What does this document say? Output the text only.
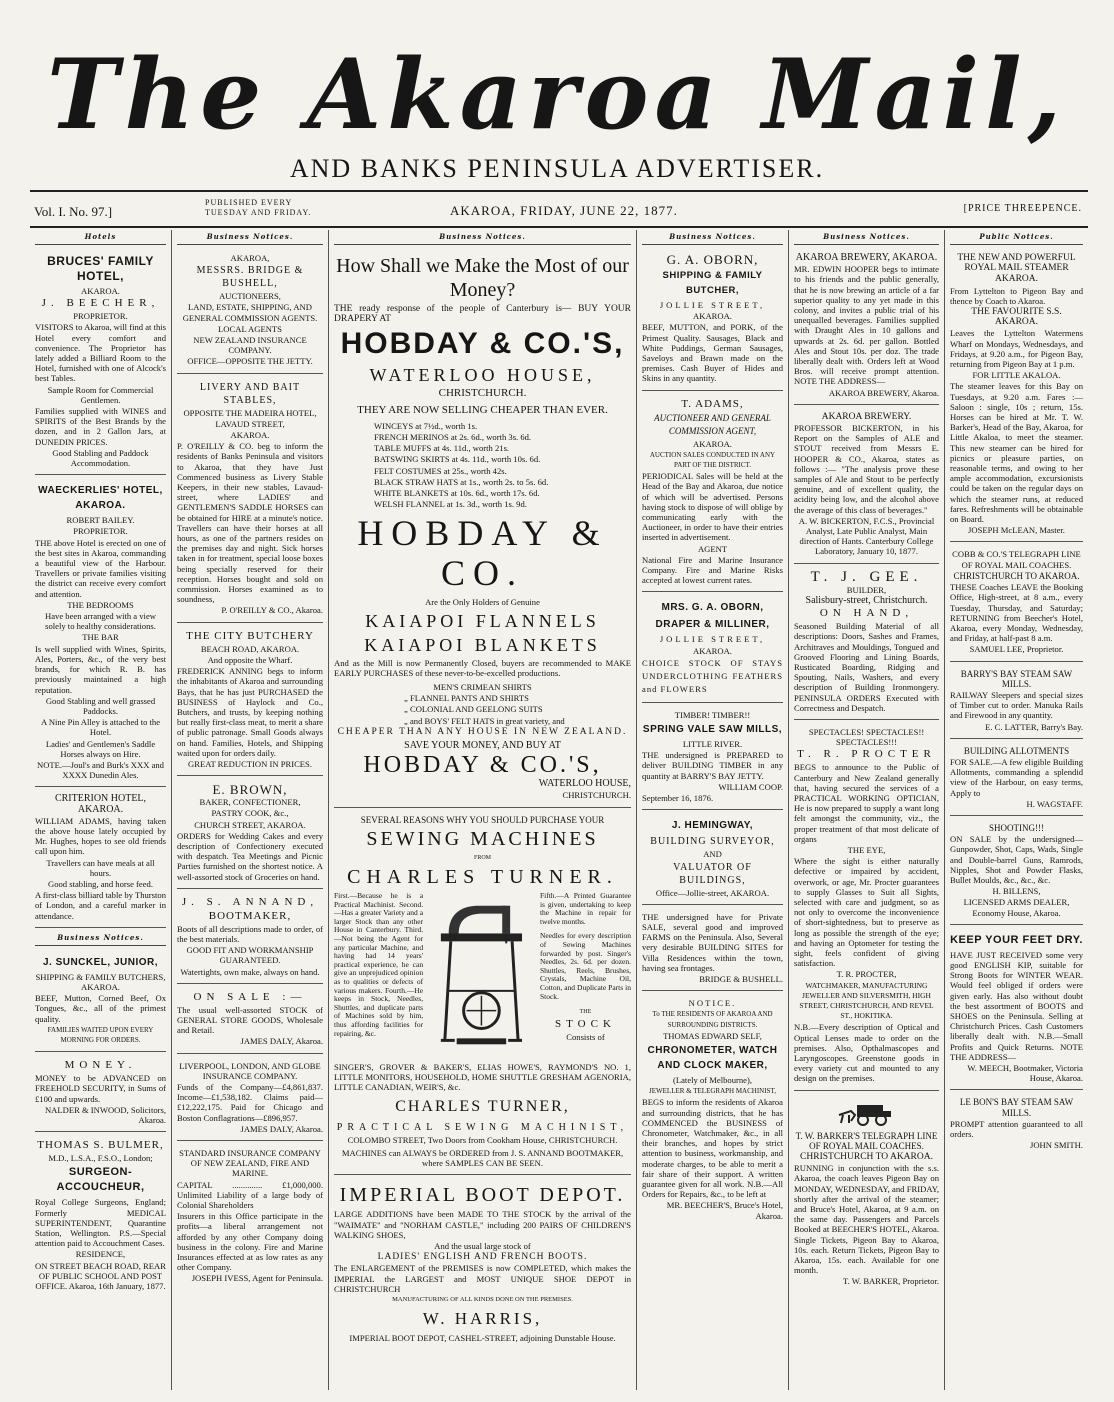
The Akaroa Mail,
AND BANKS PENINSULA ADVERTISER.
Vol. I. No. 97.]
PUBLISHED EVERY TUESDAY AND FRIDAY.	AKAROA, FRIDAY, JUNE 22, 1877.	[PRICE THREEPENCE.
Hotels
BRUCES' FAMILY HOTEL,
AKAROA.
J. BEECHER,
PROPRIETOR.
VISITORS to Akaroa, will find at this Hotel every comfort and convenience. The Proprietor has lately added a Billiard Room to the Hotel, furnished with one of Alcock's best Tables.
Sample Room for Commercial Gentlemen.
Families supplied with WINES and SPIRITS of the Best Brands by the dozen, and in 2 Gallon Jars, at DUNEDIN PRICES.
Good Stabling and Paddock Accommodation.
WAECKERLIES' HOTEL, AKAROA.
ROBERT BAILEY.
PROPRIETOR.
THE above Hotel is erected on one of the best sites in Akaroa, commanding a beautiful view of the Harbour. Travellers or private families visiting the district can receive every comfort and attention.
THE BEDROOMS
Have been arranged with a view solely to healthy considerations.
THE BAR
Is well supplied with Wines, Spirits, Ales, Porters, &c., of the very best brands, for which R. B. has previously maintained a high reputation.
Good Stabling and well grassed Paddocks.
A Nine Pin Alley is attached to the Hotel.
Ladies' and Gentlemen's Saddle Horses always on Hire.
NOTE.—Joul's and Burk's XXX and XXXX Dunedin Ales.
CRITERION HOTEL, AKAROA.
WILLIAM ADAMS, having taken the above house lately occupied by Mr. Hughes, hopes to see old friends call upon him.
Travellers can have meals at all hours.
Good stabling, and horse feed.
A first-class billiard table by Thurston of London, and a careful marker in attendance.
Business Notices.
J. SUNCKEL, JUNIOR,
SHIPPING & FAMILY BUTCHERS, AKAROA.
BEEF, Mutton, Corned Beef, Ox Tongues, &c., all of the primest quality.
FAMILIES WAITED UPON EVERY MORNING FOR ORDERS.
MONEY.
MONEY to be ADVANCED on FREEHOLD SECURITY, in Sums of £100 and upwards.
NALDER & INWOOD, Solicitors, Akaroa.
THOMAS S. BULMER,
M.D., L.S.A., F.S.O., London;
SURGEON-ACCOUCHEUR,
Royal College Surgeons, England; Formerly MEDICAL SUPERINTENDENT, Quarantine Station, Wellington. P.S.—Special attention paid to Accouchment Cases.
RESIDENCE,
ON STREET BEACH ROAD, REAR OF PUBLIC SCHOOL AND POST OFFICE. Akaroa, 16th January, 1877.
Business Notices.
AKAROA,
MESSRS. BRIDGE & BUSHELL,
AUCTIONEERS,
LAND, ESTATE, SHIPPING, AND GENERAL COMMISSION AGENTS.
LOCAL AGENTS
NEW ZEALAND INSURANCE COMPANY.
OFFICE—OPPOSITE THE JETTY.
LIVERY AND BAIT STABLES,
OPPOSITE THE MADEIRA HOTEL,
LAVAUD STREET,
AKAROA.
P. O'REILLY & CO. beg to inform the residents of Banks Peninsula and visitors to Akaroa, that they have Just Commenced business as Livery Stable Keepers, in their new stables, Lavaud-street, where LADIES' and GENTLEMEN'S SADDLE HORSES can be obtained for HIRE at a minute's notice. Travellers can have their horses at all hours, as one of the partners resides on the premises day and night. Sick horses taken in for treatment, special loose boxes being specially reserved for their reception. Horses bought and sold on commission. Horses examined as to soundness,
P. O'REILLY & CO., Akaroa.
THE CITY BUTCHERY
BEACH ROAD, AKAROA.
And opposite the Wharf.
FREDERICK ANNING begs to inform the inhabitants of Akaroa and surrounding Bays, that he has just PURCHASED the BUSINESS of Haylock and Co., Butchers, and trusts, by keeping nothing but really first-class meat, to merit a share of public patronage. Small Goods always on hand. Families, Hotels, and Shipping waited upon for orders daily.
GREAT REDUCTION IN PRICES.
E. BROWN,
BAKER, CONFECTIONER,
PASTRY COOK, &c.,
CHURCH STREET, AKAROA.
ORDERS for Wedding Cakes and every description of Confectionery executed with despatch. Tea Meetings and Picnic Parties furnished on the shortest notice. A well-assorted stock of Groceries on hand.
J. S. ANNAND,
BOOTMAKER,
Boots of all descriptions made to order, of the best materials.
GOOD FIT AND WORKMANSHIP GUARANTEED.
Watertights, own make, always on hand.
ON SALE :—
The usual well-assorted STOCK of GENERAL STORE GOODS, Wholesale and Retail.
JAMES DALY, Akaroa.
LIVERPOOL, LONDON, AND GLOBE INSURANCE COMPANY.
Funds of the Company—£4,861,837. Income—£1,538,182. Claims paid—£12,222,175. Paid for Chicago and Boston Conflagrations—£896,957.
JAMES DALY, Akaroa.
STANDARD INSURANCE COMPANY OF NEW ZEALAND, FIRE AND MARINE.
CAPITAL .............. £1,000,000. Unlimited Liability of a large body of Colonial Shareholders
Insurers in this Office participate in the profits—a liberal arrangement not afforded by any other Company doing business in the colony. Fire and Marine Insurances effected at as low rates as any other Company.
JOSEPH IVESS, Agent for Peninsula.
Business Notices.
How Shall we Make the Most of our Money?
THE ready response of the people of Canterbury is— BUY YOUR DRAPERY AT
HOBDAY & CO.'S,
WATERLOO HOUSE,
CHRISTCHURCH.
THEY ARE NOW SELLING CHEAPER THAN EVER.
WINCEYS at 7½d., worth 1s.
FRENCH MERINOS at 2s. 6d., worth 3s. 6d.
TABLE MUFFS at 4s. 11d., worth 21s.
BATSWING SKIRTS at 4s. 11d., worth 10s. 6d.
FELT COSTUMES at 25s., worth 42s.
BLACK STRAW HATS at 1s., worth 2s. to 5s. 6d.
WHITE BLANKETS at 10s. 6d., worth 17s. 6d.
WELSH FLANNEL at 1s. 3d., worth 1s. 9d.
HOBDAY & CO.
Are the Only Holders of Genuine
KAIAPOI FLANNELS
KAIAPOI BLANKETS
And as the Mill is now Permanently Closed, buyers are recommended to MAKE EARLY PURCHASES of these never-to-be-excelled productions.
MEN'S CRIMEAN SHIRTS
„ FLANNEL PANTS AND SHIRTS
„ COLONIAL AND GEELONG SUITS
„ and BOYS' FELT HATS in great variety, and
CHEAPER THAN ANY HOUSE IN NEW ZEALAND.
SAVE YOUR MONEY, AND BUY AT
HOBDAY & CO.'S,
WATERLOO HOUSE,
CHRISTCHURCH.
SEVERAL REASONS WHY YOU SHOULD PURCHASE YOUR
SEWING MACHINES
FROM
CHARLES TURNER.
First.—Because he is a Practical Machinist. Second.—Has a greater Variety and a larger Stock than any other House in Canterbury. Third.—Not being the Agent for any particular Machine, and having had 14 years' practical experience, he can give an unprejudiced opinion as to qualities or defects of various makers. Fourth.—He keeps in Stock, Needles, Shuttles, and duplicate parts of Machines sold by him, thus affording facilities for repairing, &c.
Fifth.—A Printed Guarantee is given, undertaking to keep the Machine in repair for twelve months.
Needles for every description of Sewing Machines forwarded by post. Singer's Needles, 2s. 6d. per dozen. Shuttles, Reels, Brushes, Crystals, Machine Oil, Cotton, and Duplicate Parts in Stock.
THE
STOCK
Consists of
SINGER'S, GROVER & BAKER'S, ELIAS HOWE'S, RAYMOND'S NO. 1, LITTLE MONITORS, HOUSEHOLD, HOME SHUTTLE GRESHAM AGENORIA, LITTLE CANADIAN, WEIR'S, &c.
CHARLES TURNER,
PRACTICAL SEWING MACHINIST,
COLOMBO STREET, Two Doors from Cookham House, CHRISTCHURCH.
MACHINES can ALWAYS be ORDERED from J. S. ANNAND BOOTMAKER, where SAMPLES CAN BE SEEN.
IMPERIAL BOOT DEPOT.
LARGE ADDITIONS have been MADE TO THE STOCK by the arrival of the "WAIMATE" and "NORHAM CASTLE," including 200 PAIRS OF CHILDREN'S WALKING SHOES,
And the usual large stock of
LADIES' ENGLISH AND FRENCH BOOTS.
The ENLARGEMENT of the PREMISES is now COMPLETED, which makes the IMPERIAL the LARGEST and MOST UNIQUE SHOE DEPOT in CHRISTCHURCH
MANUFACTURING OF ALL KINDS DONE ON THE PREMISES.
W. HARRIS,
IMPERIAL BOOT DEPOT, CASHEL-STREET, adjoining Dunstable House.
Business Notices.
G. A. OBORN,
SHIPPING & FAMILY BUTCHER,
JOLLIE STREET,
AKAROA.
BEEF, MUTTON, and PORK, of the Primest Quality. Sausages, Black and White Puddings, German Sausages, Saveloys and Brawn made on the premises. Cash Buyer of Hides and Skins in any quantity.
T. ADAMS,
AUCTIONEER AND GENERAL COMMISSION AGENT,
AKAROA.
AUCTION SALES CONDUCTED IN ANY PART OF THE DISTRICT.
PERIODICAL Sales will be held at the Head of the Bay and Akaroa, due notice of which will be advertised. Persons having stock to dispose of will oblige by communicating early with the Auctioneer, in order to have their entries inserted in advertisement.
AGENT
National Fire and Marine Insurance Company. Fire and Marine Risks accepted at lowest current rates.
MRS. G. A. OBORN,
DRAPER & MILLINER,
JOLLIE STREET,
AKAROA.
CHOICE STOCK OF STAYS UNDERCLOTHING FEATHERS and FLOWERS
TIMBER! TIMBER!!
SPRING VALE SAW MILLS,
LITTLE RIVER.
THE undersigned is PREPARED to deliver BUILDING TIMBER in any quantity at BARRY'S BAY JETTY.
WILLIAM COOP.
September 16, 1876.
J. HEMINGWAY,
BUILDING SURVEYOR,
AND
VALUATOR OF BUILDINGS,
Office—Jollie-street, AKAROA.
THE undersigned have for Private SALE, several good and improved FARMS on the Peninsula. Also, Several very desirable BUILDING SITES for Villa Residences within the town, having sea frontages.
BRIDGE & BUSHELL.
NOTICE.
To THE RESIDENTS OF AKAROA AND SURROUNDING DISTRICTS.
THOMAS EDWARD SELF,
CHRONOMETER, WATCH AND CLOCK MAKER,
(Lately of Melbourne),
JEWELLER & TELEGRAPH MACHINIST,
BEGS to inform the residents of Akaroa and surrounding districts, that he has COMMENCED the BUSINESS of Chronometer, Watchmaker, &c., in all their branches, and hopes by strict attention to business, workmanship, and moderate charges, to be able to merit a fair share of their support. A written guarantee given for all work. N.B.—All Orders for Repairs, &c., to be left at
MR. BEECHER'S, Bruce's Hotel, Akaroa.
Business Notices.
AKAROA BREWERY, AKAROA.
MR. EDWIN HOOPER begs to intimate to his friends and the public generally, that he is now brewing an article of a far superior quality to any yet made in this colony, and invites a public trial of his unequalled beverages. Families supplied with Draught Ales in 10 gallons and upwards at 2s. 6d. per gallon. Bottled Ales and Stout 10s. per doz. The trade liberally dealt with. Orders left at Wood Bros. will receive prompt attention. NOTE THE ADDRESS—
AKAROA BREWERY, Akaroa.
AKAROA BREWERY.
PROFESSOR BICKERTON, in his Report on the Samples of ALE and STOUT received from Messrs E. HOOPER & CO., Akaroa, states as follows :— "The analysis prove these samples of Ale and Stout to be perfectly genuine, and of excellent quality, the acidity being low, and the alcohol above the average of this class of beverages."
A. W. BICKERTON, F.C.S., Provincial Analyst, Late Public Analyst, Main direction of Hants. Canterbury College Laboratory, January 10, 1877.
T. J. GEE.
BUILDER,
Salisbury-street, Christchurch.
ON HAND,
Seasoned Building Material of all descriptions: Doors, Sashes and Frames, Architraves and Mouldings, Tongued and Grooved Flooring and Lining Boards, Rusticated Boarding, Ridging and Spouting, Nails, Washers, and every description of Building Ironmongery. PENINSULA ORDERS Executed with Correctness and Despatch.
SPECTACLES! SPECTACLES!! SPECTACLES!!!
T. R. PROCTER
BEGS to announce to the Public of Canterbury and New Zealand generally that, having secured the services of a PRACTICAL WORKING OPTICIAN, He is now prepared to supply a want long felt amongst the community, viz., the proper treatment of that most delicate of organs
THE EYE,
Where the sight is either naturally defective or impaired by accident, overwork, or age, Mr. Procter guarantees to supply Glasses to Suit all Sights, selected with care and judgment, so as not only to overcome the inconvenience of short-sightedness, but to preserve as long as possible the strength of the eye; and having an Optometer for testing the sight, feels confident of giving satisfaction.
T. R. PROCTER,
WATCHMAKER, MANUFACTURING JEWELLER AND SILVERSMITH, HIGH STREET, CHRISTCHURCH, AND REVEL ST., HOKITIKA.
N.B.—Every description of Optical and Optical Lenses made to order on the premises. Also, Opthalmascopes and Laryngoscopes. Greenstone goods in every variety cut and mounted to any design on the premises.
T. W. BARKER'S TELEGRAPH LINE OF ROYAL MAIL COACHES.
CHRISTCHURCH TO AKAROA.
RUNNING in conjunction with the s.s. Akaroa, the coach leaves Pigeon Bay on MONDAY, WEDNESDAY, and FRIDAY, shortly after the arrival of the steamer; and Bruce's Hotel, Akaroa, at 9 a.m. on the same day. Passengers and Parcels Booked at BEECHER'S HOTEL, Akaroa. Single Tickets, Pigeon Bay to Akaroa, 10s. each. Return Tickets, Pigeon Bay to Akaroa, 15s. each. Available for one month.
T. W. BARKER, Proprietor.
Public Notices.
THE NEW AND POWERFUL ROYAL MAIL STEAMER
AKAROA.
From Lyttelton to Pigeon Bay and thence by Coach to Akaroa.
THE FAVOURITE S.S. AKAROA.
Leaves the Lyttelton Watermens Wharf on Mondays, Wednesdays, and Fridays, at 9.20 a.m., for Pigeon Bay, returning from Pigeon Bay at 1 p.m.
FOR LITTLE AKALOA.
The steamer leaves for this Bay on Tuesdays, at 9.20 a.m. Fares :—Saloon : single, 10s ; return, 15s. Horses can be hired at Mr. T. W. Barker's, Head of the Bay, Akaroa, for Little Akaloa, to meet the steamer. This new steamer can be hired for picnics or pleasure parties, on reasonable terms, and owing to her ample accommodation, excursionists could be taken on the regular days on which the steamer runs, at reduced fares. Refreshments will be obtainable on Board.
JOSEPH McLEAN, Master.
COBB & CO.'S TELEGRAPH LINE OF ROYAL MAIL COACHES.
CHRISTCHURCH TO AKAROA.
THESE Coaches LEAVE the Booking Office, High-street, at 8 a.m., every Tuesday, Thursday, and Saturday; RETURNING from Beecher's Hotel, Akaroa, every Monday, Wednesday, and Friday, at half-past 8 a.m.
SAMUEL LEE, Proprietor.
BARRY'S BAY STEAM SAW MILLS.
RAILWAY Sleepers and special sizes of Timber cut to order. Manuka Rails and Firewood in any quantity.
E. C. LATTER, Barry's Bay.
BUILDING ALLOTMENTS
FOR SALE.—A few eligible Building Allotments, commanding a splendid view of the Harbour, on easy terms, Apply to
H. WAGSTAFF.
SHOOTING!!!
ON SALE by the undersigned— Gunpowder, Shot, Caps, Wads, Single and Double-barrel Guns, Ramrods, Nipples, Shot and Powder Flasks, Bullet Moulds, &c., &c., &c.
H. BILLENS,
LICENSED ARMS DEALER, Economy House, Akaroa.
KEEP YOUR FEET DRY.
HAVE JUST RECEIVED some very good ENGLISH KIP, suitable for Strong Boots for WINTER WEAR. Would feel obliged if orders were given early. Has also without doubt the best assortment of BOOTS and SHOES on the Peninsula. Selling at Christchurch Prices. Cash Customers liberally dealt with. N.B.—Small Profits and Quick Returns. NOTE THE ADDRESS—
W. MEECH, Bootmaker, Victoria House, Akaroa.
LE BON'S BAY STEAM SAW MILLS.
PROMPT attention guaranteed to all orders.
JOHN SMITH.
